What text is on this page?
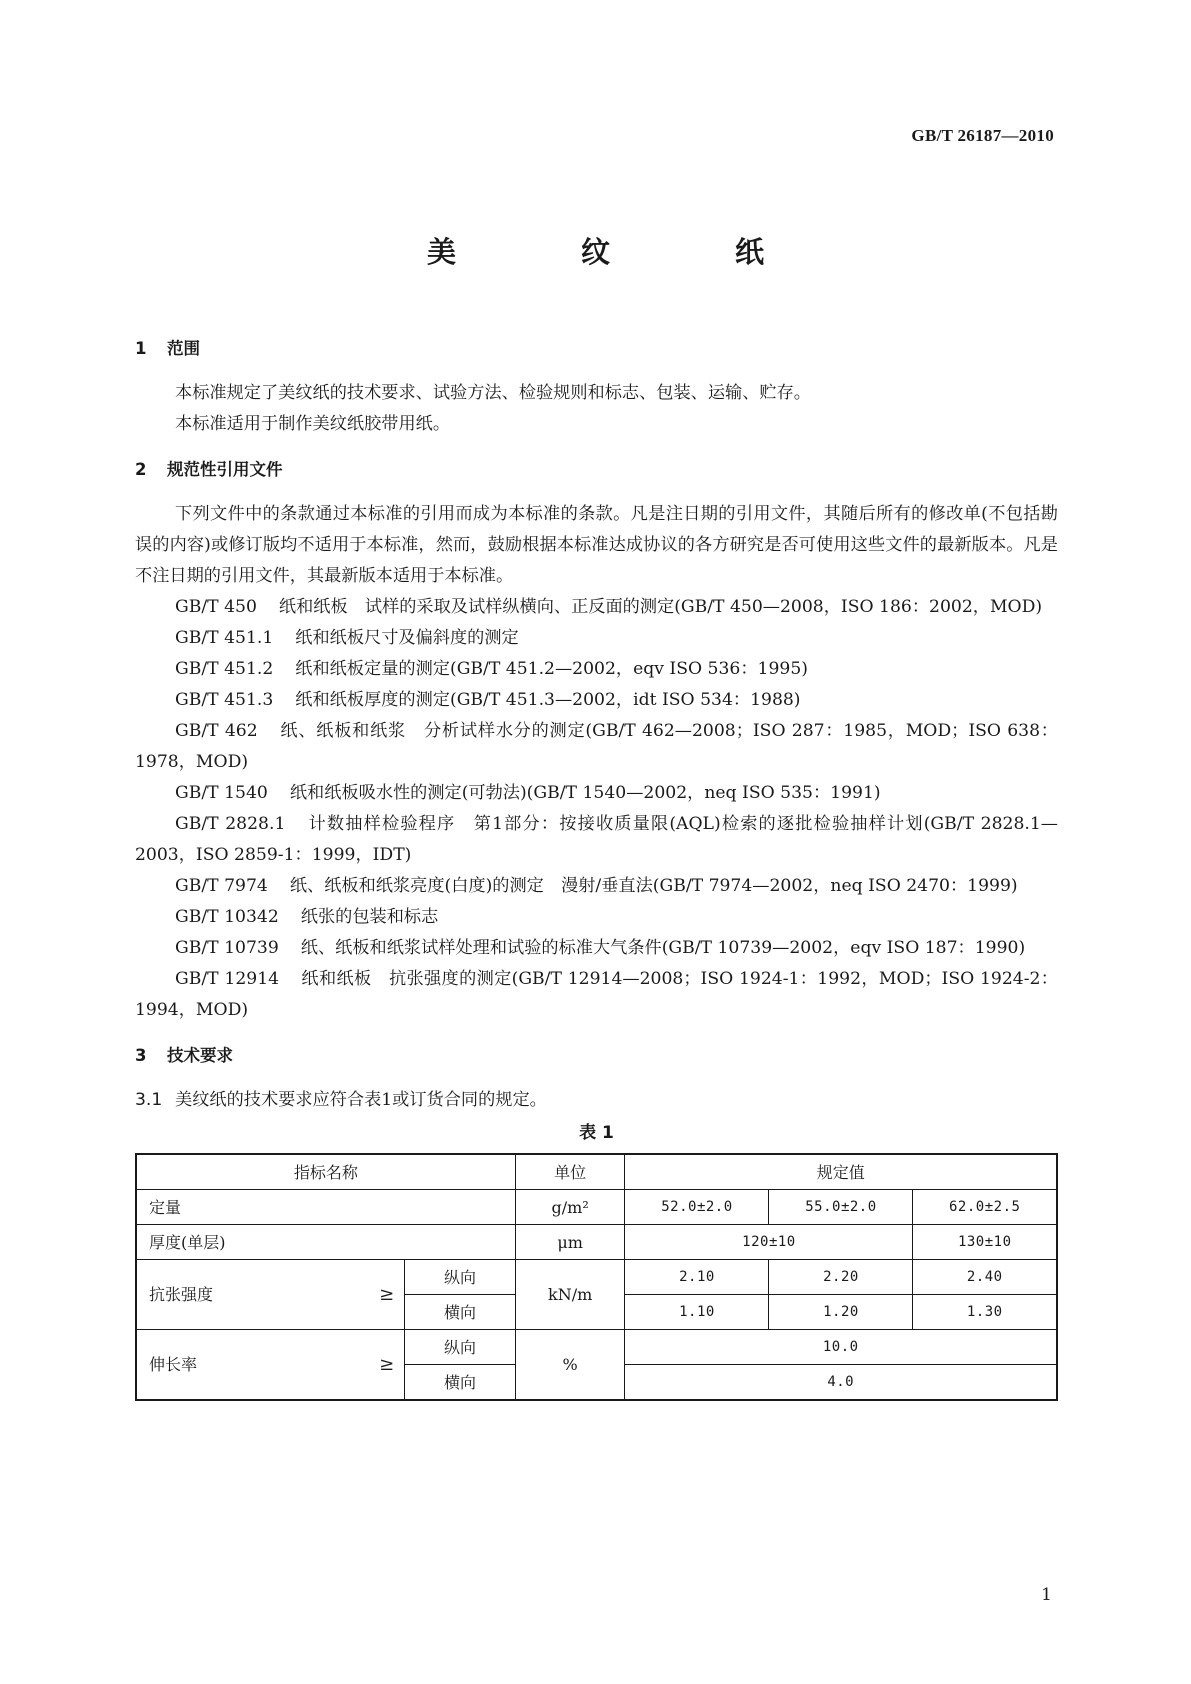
GB/T 26187—2010
美　纹　纸
1 范围
本标准规定了美纹纸的技术要求、试验方法、检验规则和标志、包装、运输、贮存。
本标准适用于制作美纹纸胶带用纸。
2 规范性引用文件
下列文件中的条款通过本标准的引用而成为本标准的条款。凡是注日期的引用文件，其随后所有的修改单(不包括勘误的内容)或修订版均不适用于本标准，然而，鼓励根据本标准达成协议的各方研究是否可使用这些文件的最新版本。凡是不注日期的引用文件，其最新版本适用于本标准。
GB/T 450 纸和纸板　试样的采取及试样纵横向、正反面的测定(GB/T 450—2008，ISO 186：2002，MOD)
GB/T 451.1 纸和纸板尺寸及偏斜度的测定
GB/T 451.2 纸和纸板定量的测定(GB/T 451.2—2002，eqv ISO 536：1995)
GB/T 451.3 纸和纸板厚度的测定(GB/T 451.3—2002，idt ISO 534：1988)
GB/T 462 纸、纸板和纸浆　分析试样水分的测定(GB/T 462—2008；ISO 287：1985，MOD；ISO 638：1978，MOD)
GB/T 1540 纸和纸板吸水性的测定(可勃法)(GB/T 1540—2002，neq ISO 535：1991)
GB/T 2828.1 计数抽样检验程序　第1部分：按接收质量限(AQL)检索的逐批检验抽样计划(GB/T 2828.1—2003，ISO 2859-1：1999，IDT)
GB/T 7974 纸、纸板和纸浆亮度(白度)的测定　漫射/垂直法(GB/T 7974—2002，neq ISO 2470：1999)
GB/T 10342 纸张的包装和标志
GB/T 10739 纸、纸板和纸浆试样处理和试验的标准大气条件(GB/T 10739—2002，eqv ISO 187：1990)
GB/T 12914 纸和纸板　抗张强度的测定(GB/T 12914—2008；ISO 1924-1：1992，MOD；ISO 1924-2：1994，MOD)
3 技术要求
3.1 美纹纸的技术要求应符合表1或订货合同的规定。
表 1
指标名称		单位	规定值		
定量		g/m²	52.0±2.0	55.0±2.0	62.0±2.5
厚度(单层)		μm	120±10		130±10
抗张强度 ≥	纵向	kN/m	2.10	2.20	2.40
	横向		1.10	1.20	1.30
伸长率 ≥	纵向	%	10.0		
	横向		4.0		
1
